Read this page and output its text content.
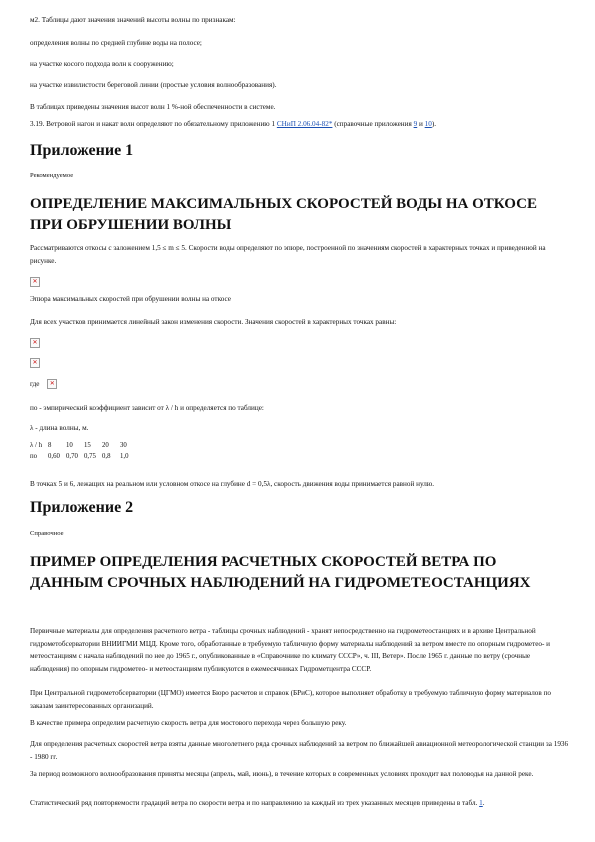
м2. Таблицы дают значения значений высоты волны по признакам:

определения волны по средней глубине воды на полосе;

на участке косого подхода волн к сооружению;

на участке извилистости береговой линии (простые условия волнообразования).

В таблицах приведены значения высот волн 1 %-ной обеспеченности в системе.

3.19. Ветровой нагон и накат волн определяют по обязательному приложению 1 СНиП 2.06.04-82* (справочные приложения 9 и 10).

Приложение 1

Рекомендуемое

ОПРЕДЕЛЕНИЕ МАКСИМАЛЬНЫХ СКОРОСТЕЙ ВОДЫ НА ОТКОСЕ ПРИ ОБРУШЕНИИ ВОЛНЫ

Рассматриваются откосы с заложением 1,5 ≤ m ≤ 5. Скорости воды определяют по эпюре, построенной по значениям скоростей в характерных точках и приведенной на рисунке.

✕

Эпюра максимальных скоростей при обрушении волны на откосе

Для всех участков принимается линейный закон изменения скорости. Значения скоростей в характерных точках равны:

✕
✕

где ✕

по - эмпирический коэффициент зависит от λ / h и определяется по таблице:

λ - длина волны, м.

λ / h	8	10	15	20	30
по	0,60	0,70	0,75	0,8	1,0

В точках 5 и 6, лежащих на реальном или условном откосе на глубине d = 0,5λ, скорость движения воды принимается равной нулю.

Приложение 2

Справочное

ПРИМЕР ОПРЕДЕЛЕНИЯ РАСЧЕТНЫХ СКОРОСТЕЙ ВЕТРА ПО ДАННЫМ СРОЧНЫХ НАБЛЮДЕНИЙ НА ГИДРОМЕТЕОСТАНЦИЯХ

Первичные материалы для определения расчетного ветра - таблицы срочных наблюдений - хранят непосредственно на гидрометеостанциях и в архиве Центральной гидрометобсерватории ВНИИГМИ МЦД. Кроме того, обработанные в требуемую табличную форму материалы наблюдений за ветром вместе по опорным гидрометео- и метеостанциям с начала наблюдений по нее до 1965 г., опубликованные в «Справочнике по климату СССР», ч. III, Ветер». После 1965 г. данные по ветру (срочные наблюдения) по опорным гидрометео- и метеостанциям публикуются в ежемесячниках Гидрометцентра СССР.

При Центральной гидрометобсерватории (ЦГМО) имеется Бюро расчетов и справок (БРиС), которое выполняет обработку в требуемую табличную форму материалов по заказам заинтересованных организаций.

В качестве примера определим расчетную скорость ветра для мостового перехода через большую реку.

Для определения расчетных скоростей ветра взяты данные многолетнего ряда срочных наблюдений за ветром по ближайшей авиационной метеорологической станции за 1936 - 1980 гг.

За период возможного волнообразования приняты месяцы (апрель, май, июнь), в течение которых в современных условиях проходит вал половодья на данной реке.

Статистический ряд повторяемости градаций ветра по скорости ветра и по направлению за каждый из трех указанных месяцев приведены в табл. 1.
